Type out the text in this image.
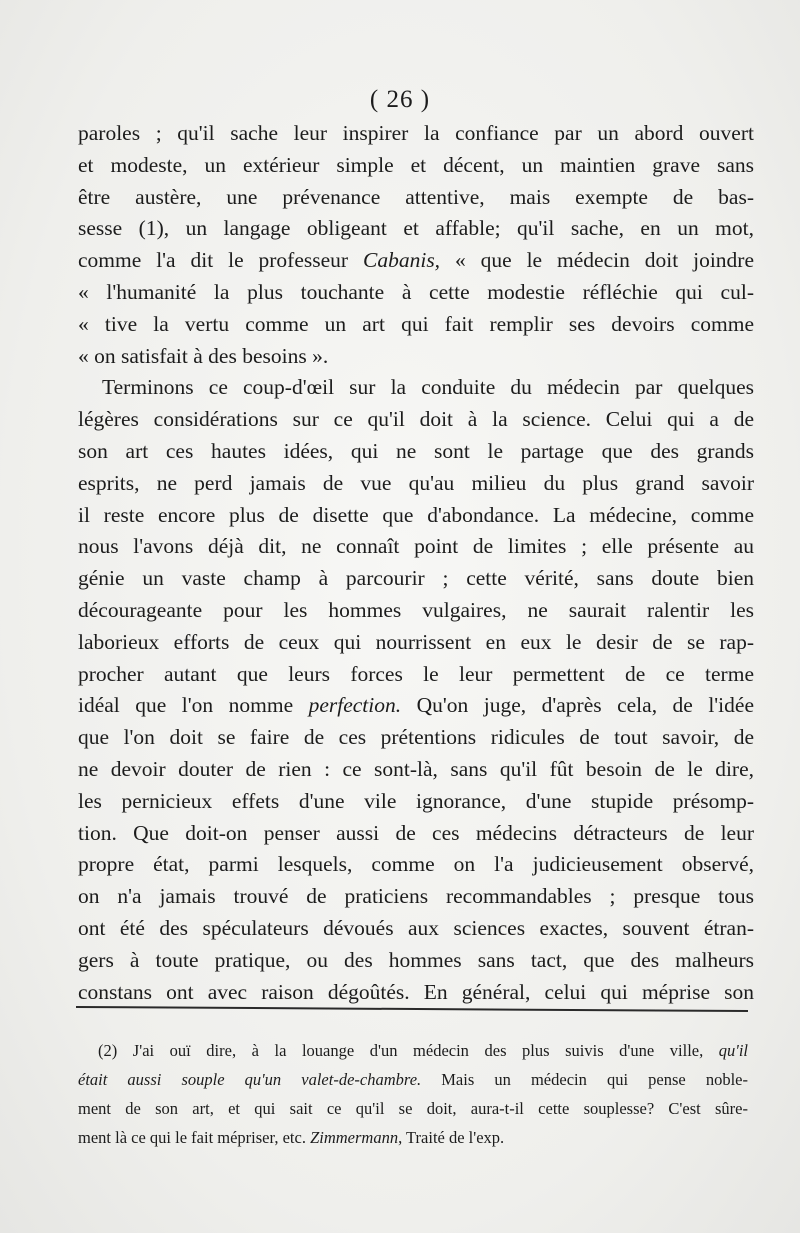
( 26 )
paroles ; qu'il sache leur inspirer la confiance par un abord ouvert
et modeste, un extérieur simple et décent, un maintien grave sans
être austère, une prévenance attentive, mais exempte de bas-
sesse (1), un langage obligeant et affable; qu'il sache, en un mot,
comme l'a dit le professeur Cabanis, « que le médecin doit joindre
« l'humanité la plus touchante à cette modestie réfléchie qui cul-
« tive la vertu comme un art qui fait remplir ses devoirs comme
« on satisfait à des besoins ».
Terminons ce coup-d'œil sur la conduite du médecin par quelques
légères considérations sur ce qu'il doit à la science. Celui qui a de
son art ces hautes idées, qui ne sont le partage que des grands
esprits, ne perd jamais de vue qu'au milieu du plus grand savoir
il reste encore plus de disette que d'abondance. La médecine, comme
nous l'avons déjà dit, ne connaît point de limites ; elle présente au
génie un vaste champ à parcourir ; cette vérité, sans doute bien
décourageante pour les hommes vulgaires, ne saurait ralentir les
laborieux efforts de ceux qui nourrissent en eux le desir de se rap-
procher autant que leurs forces le leur permettent de ce terme
idéal que l'on nomme perfection. Qu'on juge, d'après cela, de l'idée
que l'on doit se faire de ces prétentions ridicules de tout savoir, de
ne devoir douter de rien : ce sont-là, sans qu'il fût besoin de le dire,
les pernicieux effets d'une vile ignorance, d'une stupide présomp-
tion. Que doit-on penser aussi de ces médecins détracteurs de leur
propre état, parmi lesquels, comme on l'a judicieusement observé,
on n'a jamais trouvé de praticiens recommandables ; presque tous
ont été des spéculateurs dévoués aux sciences exactes, souvent étran-
gers à toute pratique, ou des hommes sans tact, que des malheurs
constans ont avec raison dégoûtés. En général, celui qui méprise son
(2) J'ai ouï dire, à la louange d'un médecin des plus suivis d'une ville, qu'il
était aussi souple qu'un valet-de-chambre. Mais un médecin qui pense noble-
ment de son art, et qui sait ce qu'il se doit, aura-t-il cette souplesse? C'est sûre-
ment là ce qui le fait mépriser, etc. Zimmermann, Traité de l'exp.
